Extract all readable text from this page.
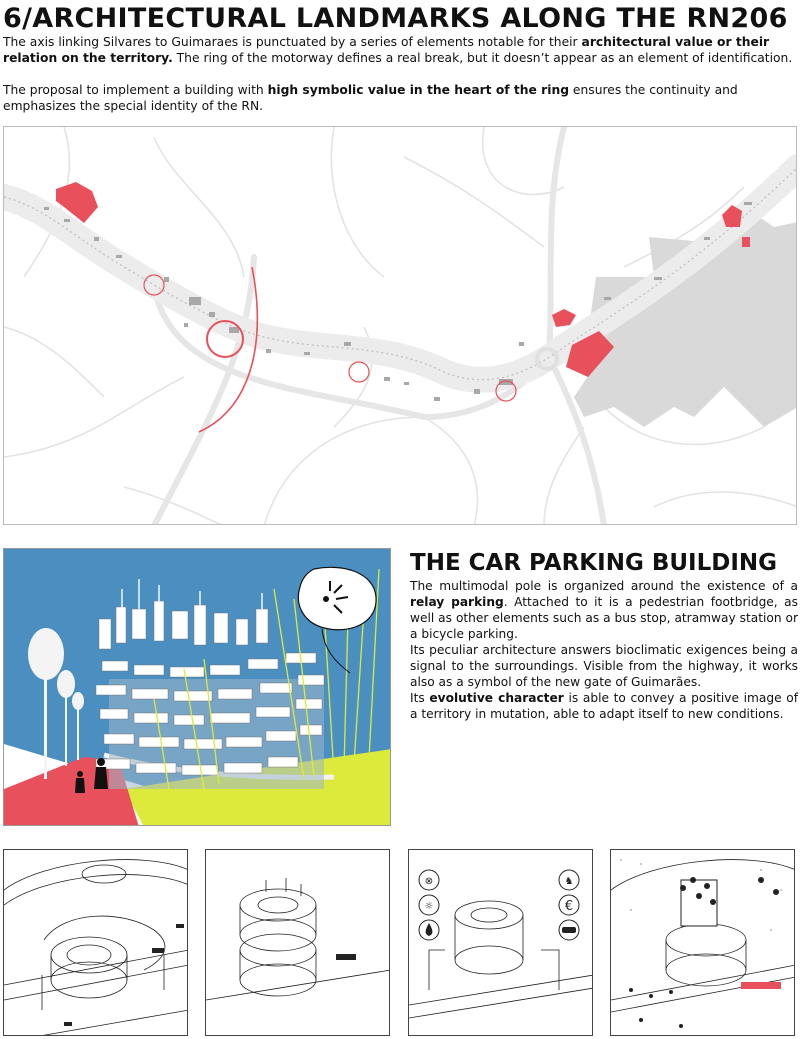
6/ARCHITECTURAL LANDMARKS ALONG THE RN206

The axis linking Silvares to Guimaraes is punctuated by a series of elements notable for their architectural value or their relation on the territory. The ring of the motorway defines a real break, but it doesn’t appear as an element of identification.

The proposal to implement a building with high symbolic value in the heart of the ring ensures the continuity and emphasizes the special identity of the RN.

THE CAR PARKING BUILDING

The multimodal pole is organized around the existence of a relay parking. Attached to it is a pedestrian footbridge, as well as other elements such as a bus stop, atramway station or a bicycle parking.

Its peculiar architecture answers bioclimatic exigences being a signal to the surroundings. Visible from the highway, it works also as a symbol of the new gate of Guimarães.

Its evolutive character is able to convey a positive image of a territory in mutation, able to adapt itself to new conditions.

⊗
☼
♞
€
